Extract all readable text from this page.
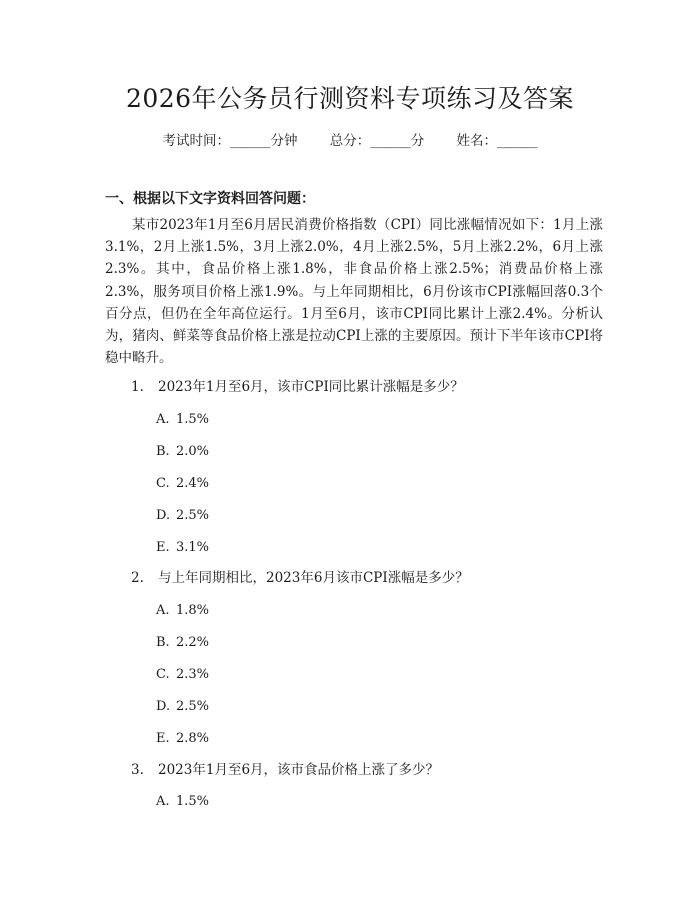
2026年公务员行测资料专项练习及答案
考试时间：______分钟 总分：______分 姓名：______
一、根据以下文字资料回答问题：
某市2023年1月至6月居民消费价格指数（CPI）同比涨幅情况如下：1月上涨3.1%，2月上涨1.5%，3月上涨2.0%，4月上涨2.5%，5月上涨2.2%，6月上涨2.3%。其中，食品价格上涨1.8%，非食品价格上涨2.5%；消费品价格上涨2.3%，服务项目价格上涨1.9%。与上年同期相比，6月份该市CPI涨幅回落0.3个百分点，但仍在全年高位运行。1月至6月，该市CPI同比累计上涨2.4%。分析认为，猪肉、鲜菜等食品价格上涨是拉动CPI上涨的主要原因。预计下半年该市CPI将稳中略升。
1. 2023年1月至6月，该市CPI同比累计涨幅是多少？
A. 1.5%
B. 2.0%
C. 2.4%
D. 2.5%
E. 3.1%
2. 与上年同期相比，2023年6月该市CPI涨幅是多少？
A. 1.8%
B. 2.2%
C. 2.3%
D. 2.5%
E. 2.8%
3. 2023年1月至6月，该市食品价格上涨了多少？
A. 1.5%
